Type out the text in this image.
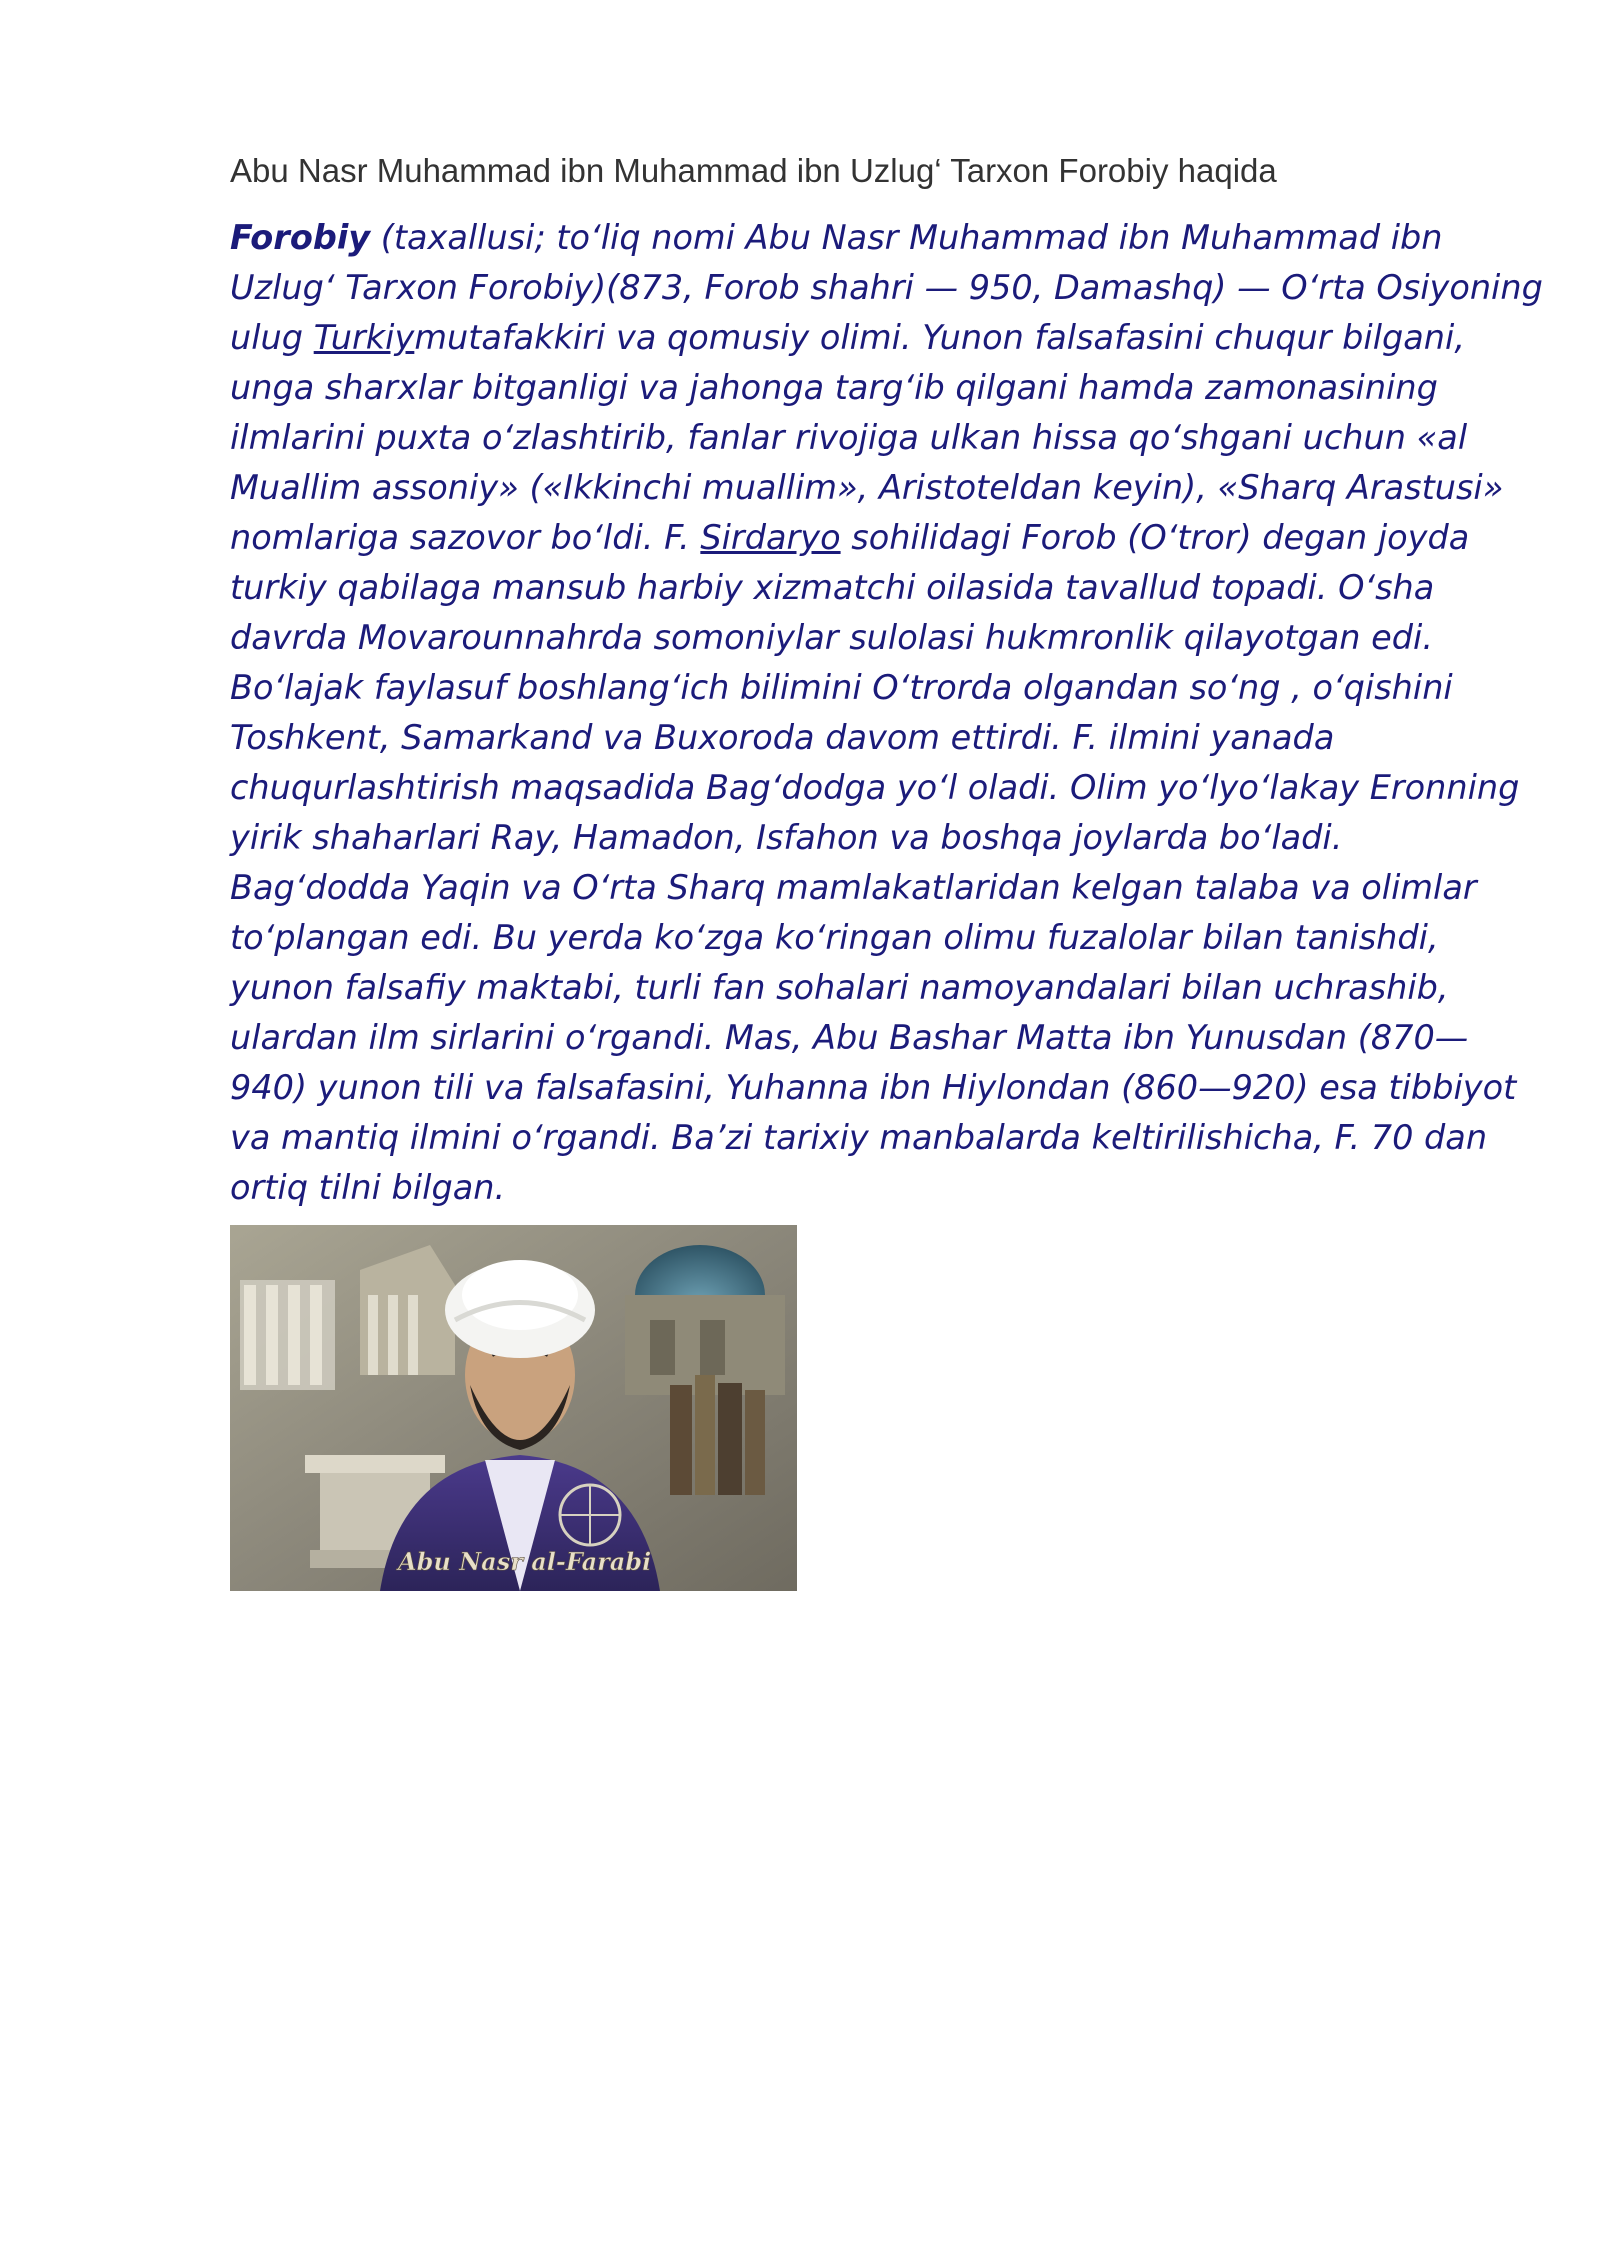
Abu Nasr Muhammad ibn Muhammad ibn Uzlug‘ Tarxon Forobiy haqida
Forobiy (taxallusi; to‘liq nomi Abu Nasr Muhammad ibn Muhammad ibn
Uzlug‘ Tarxon Forobiy)(873, Forob shahri — 950, Damashq) — O‘rta Osiyoning
ulug Turkiymutafakkiri va qomusiy olimi. Yunon falsafasini chuqur bilgani,
unga sharxlar bitganligi va jahonga targ‘ib qilgani hamda zamonasining
ilmlarini puxta o‘zlashtirib, fanlar rivojiga ulkan hissa qo‘shgani uchun «al
Muallim assoniy» («Ikkinchi muallim», Aristoteldan keyin), «Sharq Arastusi»
nomlariga sazovor bo‘ldi. F. Sirdaryo sohilidagi Forob (O‘tror) degan joyda
turkiy qabilaga mansub harbiy xizmatchi oilasida tavallud topadi. O‘sha
davrda Movarounnahrda somoniylar sulolasi hukmronlik qilayotgan edi.
Bo‘lajak faylasuf boshlang‘ich bilimini O‘trorda olgandan so‘ng , o‘qishini
Toshkent, Samarkand va Buxoroda davom ettirdi. F. ilmini yanada
chuqurlashtirish maqsadida Bag‘dodga yo‘l oladi. Olim yo‘lyo‘lakay Eronning
yirik shaharlari Ray, Hamadon, Isfahon va boshqa joylarda bo‘ladi.
Bag‘dodda Yaqin va O‘rta Sharq mamlakatlaridan kelgan talaba va olimlar
to‘plangan edi. Bu yerda ko‘zga ko‘ringan olimu fuzalolar bilan tanishdi,
yunon falsafiy maktabi, turli fan sohalari namoyandalari bilan uchrashib,
ulardan ilm sirlarini o‘rgandi. Mas, Abu Bashar Matta ibn Yunusdan (870—
940) yunon tili va falsafasini, Yuhanna ibn Hiylondan (860—920) esa tibbiyot
va mantiq ilmini o‘rgandi. Ba’zi tarixiy manbalarda keltirilishicha, F. 70 dan
ortiq tilni bilgan.
Abu Nasr al-Farabi
